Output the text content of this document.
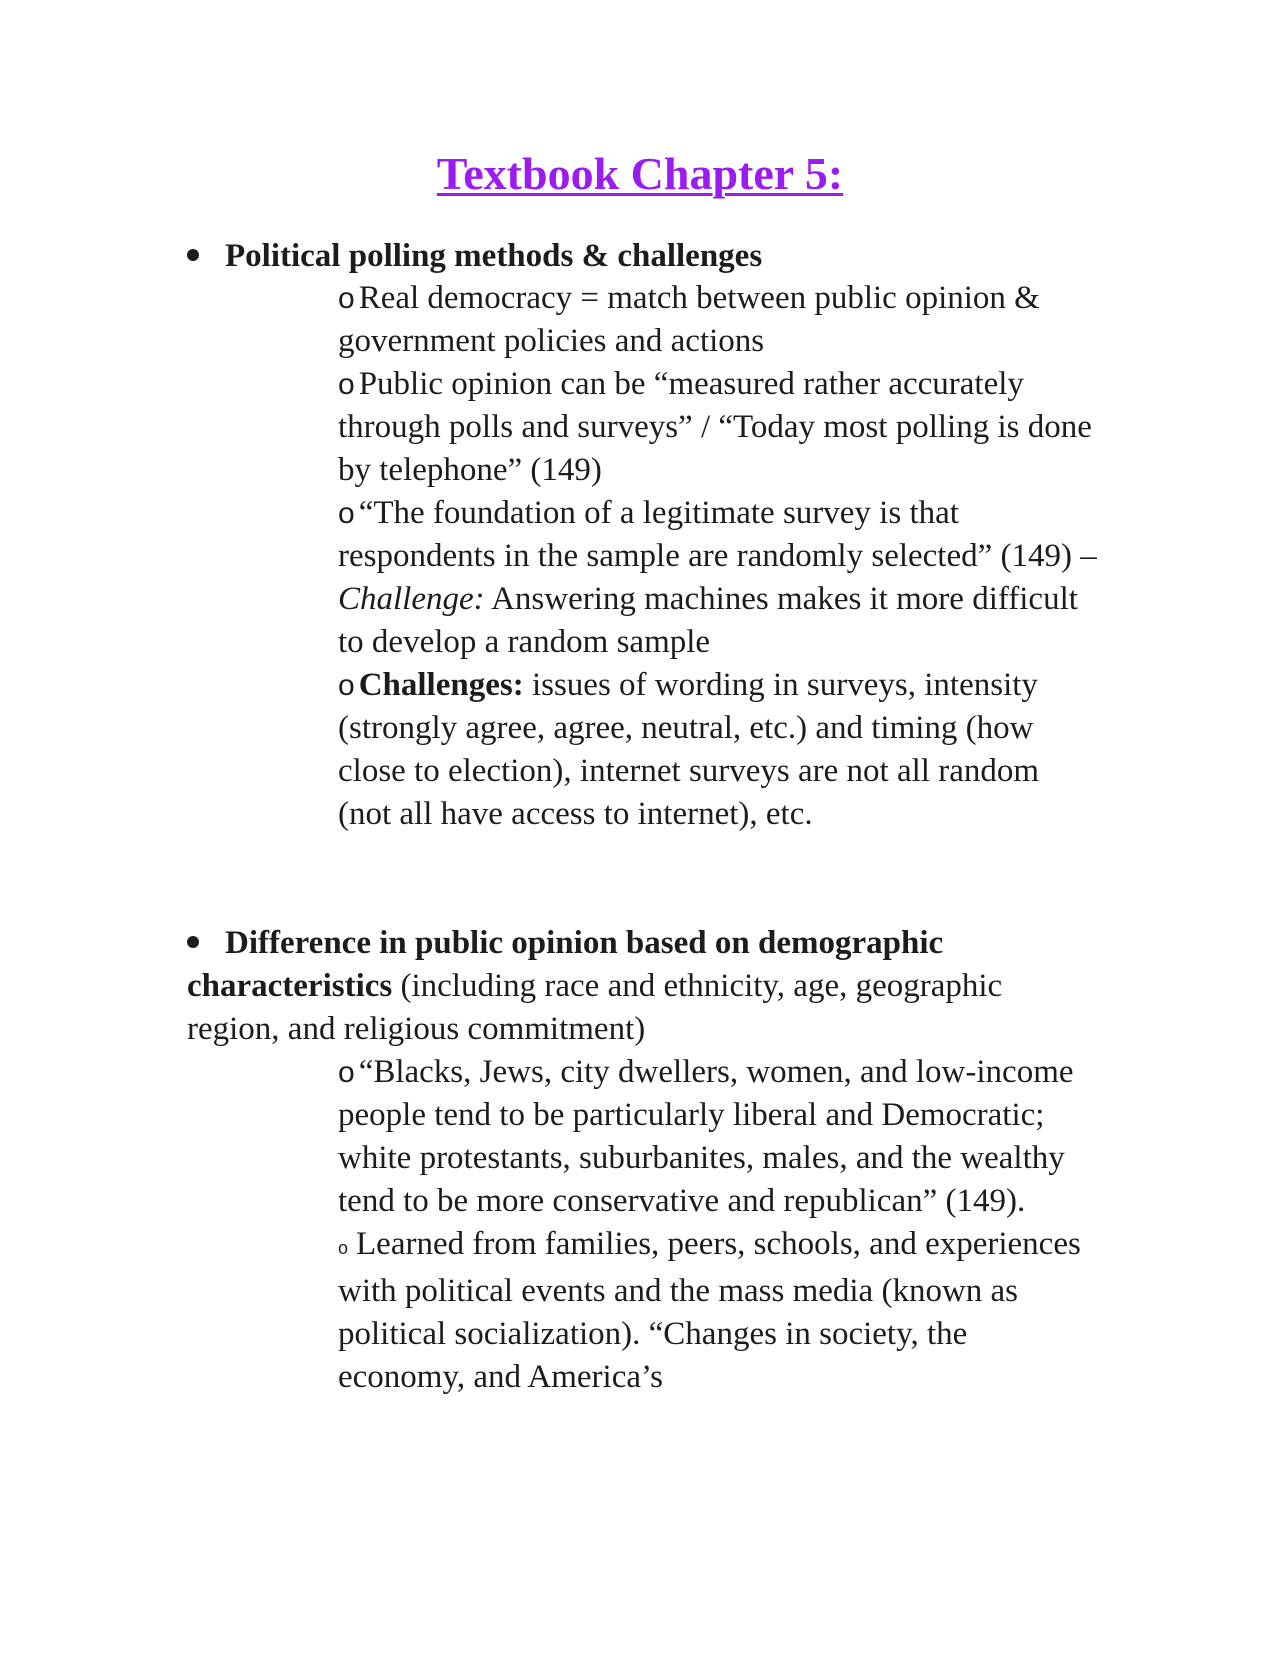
Textbook Chapter 5:
Political polling methods & challenges

o Real democracy = match between public opinion & government policies and actions

o Public opinion can be “measured rather accurately through polls and surveys” / “Today most polling is done by telephone” (149)

o “The foundation of a legitimate survey is that respondents in the sample are randomly selected” (149) – Challenge: Answering machines makes it more difficult to develop a random sample

o Challenges: issues of wording in surveys, intensity (strongly agree, agree, neutral, etc.) and timing (how close to election), internet surveys are not all random (not all have access to internet), etc.

Difference in public opinion based on demographic characteristics (including race and ethnicity, age, geographic region, and religious commitment)

o “Blacks, Jews, city dwellers, women, and low-income people tend to be particularly liberal and Democratic; white protestants, suburbanites, males, and the wealthy tend to be more conservative and republican” (149).

o Learned from families, peers, schools, and experiences with political events and the mass media (known as political socialization). “Changes in society, the economy, and America’s
